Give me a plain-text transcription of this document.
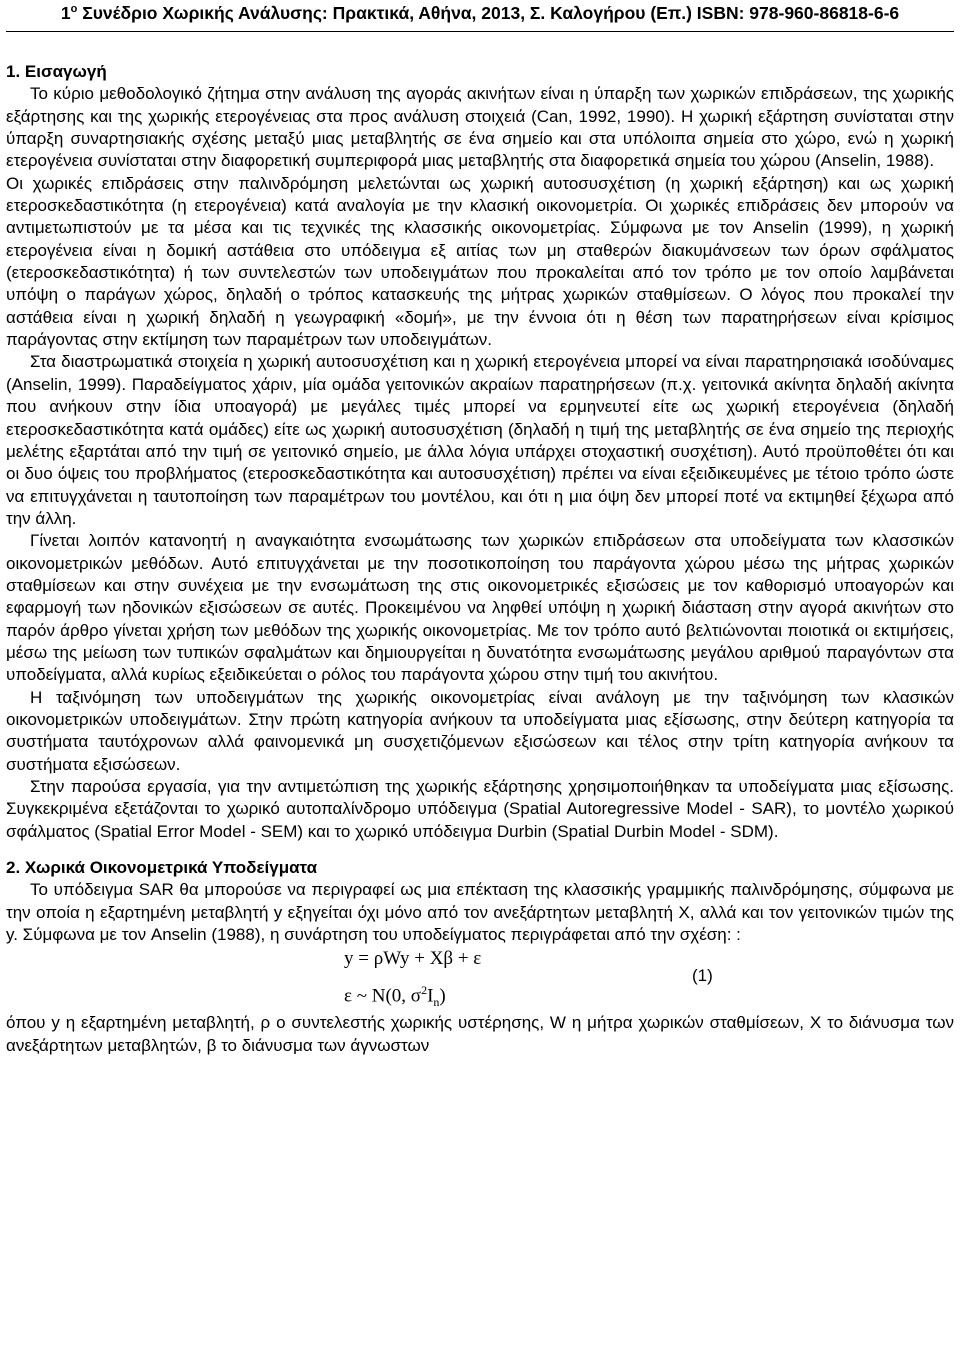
$1^o$ Συνέδριο Χωρικής Ανάλυσης: Πρακτικά, Αθήνα, 2013, Σ. Καλογήρου (Επ.) ISBN: 978-960-86818-6-6
1. Εισαγωγή

Το κύριο μεθοδολογικό ζήτημα στην ανάλυση της αγοράς ακινήτων είναι η ύπαρξη των χωρικών επιδράσεων, της χωρικής εξάρτησης και της χωρικής ετερογένειας στα προς ανάλυση στοιχειά (Can, 1992, 1990). Η χωρική εξάρτηση συνίσταται στην ύπαρξη συναρτησιακής σχέσης μεταξύ μιας μεταβλητής σε ένα σημείο και στα υπόλοιπα σημεία στο χώρο, ενώ η χωρική ετερογένεια συνίσταται στην διαφορετική συμπεριφορά μιας μεταβλητής στα διαφορετικά σημεία του χώρου (Anselin, 1988).

Οι χωρικές επιδράσεις στην παλινδρόμηση μελετώνται ως χωρική αυτοσυσχέτιση (η χωρική εξάρτηση) και ως χωρική ετεροσκεδαστικότητα (η ετερογένεια) κατά αναλογία με την κλασική οικονομετρία. Οι χωρικές επιδράσεις δεν μπορούν να αντιμετωπιστούν με τα μέσα και τις τεχνικές της κλασσικής οικονομετρίας. Σύμφωνα με τον Anselin (1999), η χωρική ετερογένεια είναι η δομική αστάθεια στο υπόδειγμα εξ αιτίας των μη σταθερών διακυμάνσεων των όρων σφάλματος (ετεροσκεδαστικότητα) ή των συντελεστών των υποδειγμάτων που προκαλείται από τον τρόπο με τον οποίο λαμβάνεται υπόψη ο παράγων χώρος, δηλαδή ο τρόπος κατασκευής της μήτρας χωρικών σταθμίσεων. Ο λόγος που προκαλεί την αστάθεια είναι η χωρική δηλαδή η γεωγραφική «δομή», με την έννοια ότι η θέση των παρατηρήσεων είναι κρίσιμος παράγοντας στην εκτίμηση των παραμέτρων των υποδειγμάτων.

Στα διαστρωματικά στοιχεία η χωρική αυτοσυσχέτιση και η χωρική ετερογένεια μπορεί να είναι παρατηρησιακά ισοδύναμες (Anselin, 1999). Παραδείγματος χάριν, μία ομάδα γειτονικών ακραίων παρατηρήσεων (π.χ. γειτονικά ακίνητα δηλαδή ακίνητα που ανήκουν στην ίδια υποαγορά) με μεγάλες τιμές μπορεί να ερμηνευτεί είτε ως χωρική ετερογένεια (δηλαδή ετεροσκεδαστικότητα κατά ομάδες) είτε ως χωρική αυτοσυσχέτιση (δηλαδή η τιμή της μεταβλητής σε ένα σημείο της περιοχής μελέτης εξαρτάται από την τιμή σε γειτονικό σημείο, με άλλα λόγια υπάρχει στοχαστική συσχέτιση). Αυτό προϋποθέτει ότι και οι δυο όψεις του προβλήματος (ετεροσκεδαστικότητα και αυτοσυσχέτιση) πρέπει να είναι εξειδικευμένες με τέτοιο τρόπο ώστε να επιτυγχάνεται η ταυτοποίηση των παραμέτρων του μοντέλου, και ότι η μια όψη δεν μπορεί ποτέ να εκτιμηθεί ξέχωρα από την άλλη.

Γίνεται λοιπόν κατανοητή η αναγκαιότητα ενσωμάτωσης των χωρικών επιδράσεων στα υποδείγματα των κλασσικών οικονομετρικών μεθόδων. Αυτό επιτυγχάνεται με την ποσοτικοποίηση του παράγοντα χώρου μέσω της μήτρας χωρικών σταθμίσεων και στην συνέχεια με την ενσωμάτωση της στις οικονομετρικές εξισώσεις με τον καθορισμό υποαγορών και εφαρμογή των ηδονικών εξισώσεων σε αυτές. Προκειμένου να ληφθεί υπόψη η χωρική διάσταση στην αγορά ακινήτων στο παρόν άρθρο γίνεται χρήση των μεθόδων της χωρικής οικονομετρίας. Με τον τρόπο αυτό βελτιώνονται ποιοτικά οι εκτιμήσεις, μέσω της μείωση των τυπικών σφαλμάτων και δημιουργείται η δυνατότητα ενσωμάτωσης μεγάλου αριθμού παραγόντων στα υποδείγματα, αλλά κυρίως εξειδικεύεται ο ρόλος του παράγοντα χώρου στην τιμή του ακινήτου.

Η ταξινόμηση των υποδειγμάτων της χωρικής οικονομετρίας είναι ανάλογη με την ταξινόμηση των κλασικών οικονομετρικών υποδειγμάτων. Στην πρώτη κατηγορία ανήκουν τα υποδείγματα μιας εξίσωσης, στην δεύτερη κατηγορία τα συστήματα ταυτόχρονων αλλά φαινομενικά μη συσχετιζόμενων εξισώσεων και τέλος στην τρίτη κατηγορία ανήκουν τα συστήματα εξισώσεων.

Στην παρούσα εργασία, για την αντιμετώπιση της χωρικής εξάρτησης χρησιμοποιήθηκαν τα υποδείγματα μιας εξίσωσης. Συγκεκριμένα εξετάζονται το χωρικό αυτοπαλίνδρομο υπόδειγμα (Spatial Autoregressive Model - SAR), το μοντέλο χωρικού σφάλματος (Spatial Error Model - SEM) και το χωρικό υπόδειγμα Durbin (Spatial Durbin Model - SDM).

2. Χωρικά Οικονομετρικά Υποδείγματα

Το υπόδειγμα SAR θα μπορούσε να περιγραφεί ως μια επέκταση της κλασσικής γραμμικής παλινδρόμησης, σύμφωνα με την οποία η εξαρτημένη μεταβλητή y εξηγείται όχι μόνο από τον ανεξάρτητων μεταβλητή X, αλλά και τον γειτονικών τιμών της y. Σύμφωνα με τον Anselin (1988), η συνάρτηση του υποδείγματος περιγράφεται από την σχέση: :

y = ρWy + Xβ + ε
ε ~ N(0, $\sigma^2I_n$)
(1)

όπου y η εξαρτημένη μεταβλητή, ρ ο συντελεστής χωρικής υστέρησης, W η μήτρα χωρικών σταθμίσεων, X το διάνυσμα των ανεξάρτητων μεταβλητών, β το διάνυσμα των άγνωστων
